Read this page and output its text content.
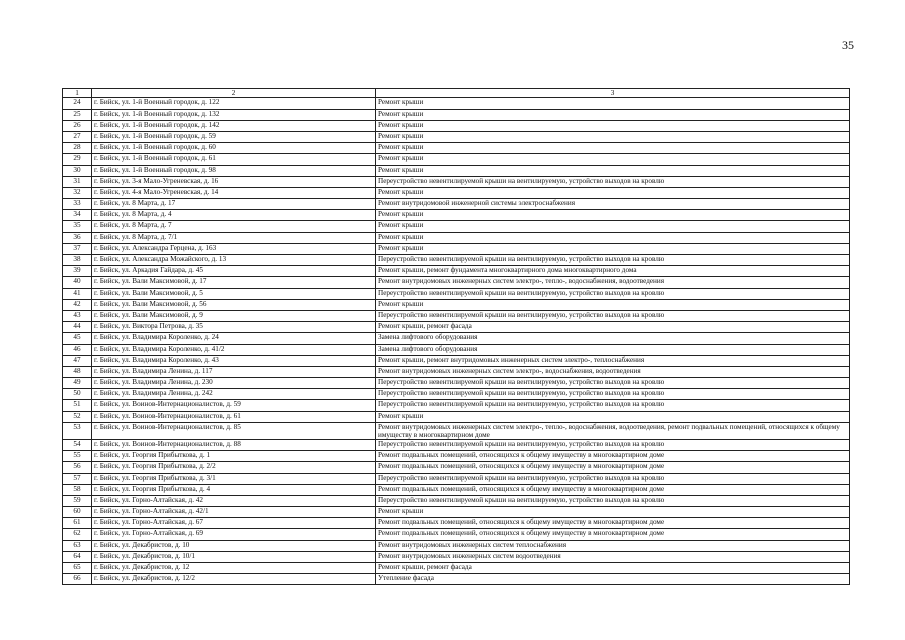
35
1	2	3
24	г. Бийск, ул. 1-й Военный городок, д. 122	Ремонт крыши
25	г. Бийск, ул. 1-й Военный городок, д. 132	Ремонт крыши
26	г. Бийск, ул. 1-й Военный городок, д. 142	Ремонт крыши
27	г. Бийск, ул. 1-й Военный городок, д. 59	Ремонт крыши
28	г. Бийск, ул. 1-й Военный городок, д. 60	Ремонт крыши
29	г. Бийск, ул. 1-й Военный городок, д. 61	Ремонт крыши
30	г. Бийск, ул. 1-й Военный городок, д. 98	Ремонт крыши
31	г. Бийск, ул. 3-я Мало-Угреневская, д. 16	Переустройство невентилируемой крыши на вентилируемую, устройство выходов на кровлю
32	г. Бийск, ул. 4-я Мало-Угреневская, д. 14	Ремонт крыши
33	г. Бийск, ул. 8 Марта, д. 17	Ремонт внутридомовой инженерной системы электроснабжения
34	г. Бийск, ул. 8 Марта, д. 4	Ремонт крыши
35	г. Бийск, ул. 8 Марта, д. 7	Ремонт крыши
36	г. Бийск, ул. 8 Марта, д. 7/1	Ремонт крыши
37	г. Бийск, ул. Александра Герцена, д. 163	Ремонт крыши
38	г. Бийск, ул. Александра Можайского, д. 13	Переустройство невентилируемой крыши на вентилируемую, устройство выходов на кровлю
39	г. Бийск, ул. Аркадия Гайдара, д. 45	Ремонт крыши, ремонт фундамента многоквартирного дома многоквартирного дома
40	г. Бийск, ул. Вали Максимовой, д. 17	Ремонт внутридомовых инженерных систем электро-, тепло-, водоснабжения, водоотведения
41	г. Бийск, ул. Вали Максимовой, д. 5	Переустройство невентилируемой крыши на вентилируемую, устройство выходов на кровлю
42	г. Бийск, ул. Вали Максимовой, д. 56	Ремонт крыши
43	г. Бийск, ул. Вали Максимовой, д. 9	Переустройство невентилируемой крыши на вентилируемую, устройство выходов на кровлю
44	г. Бийск, ул. Виктора Петрова, д. 35	Ремонт крыши, ремонт фасада
45	г. Бийск, ул. Владимира Короленко, д. 24	Замена лифтового оборудования
46	г. Бийск, ул. Владимира Короленко, д. 41/2	Замена лифтового оборудования
47	г. Бийск, ул. Владимира Короленко, д. 43	Ремонт крыши, ремонт внутридомовых инженерных систем электро-, теплоснабжения
48	г. Бийск, ул. Владимира Ленина, д. 117	Ремонт внутридомовых инженерных систем электро-, водоснабжения, водоотведения
49	г. Бийск, ул. Владимира Ленина, д. 230	Переустройство невентилируемой крыши на вентилируемую, устройство выходов на кровлю
50	г. Бийск, ул. Владимира Ленина, д. 242	Переустройство невентилируемой крыши на вентилируемую, устройство выходов на кровлю
51	г. Бийск, ул. Воинов-Интернационалистов, д. 59	Переустройство невентилируемой крыши на вентилируемую, устройство выходов на кровлю
52	г. Бийск, ул. Воинов-Интернационалистов, д. 61	Ремонт крыши
53	г. Бийск, ул. Воинов-Интернационалистов, д. 85	Ремонт внутридомовых инженерных систем электро-, тепло-, водоснабжения, водоотведения, ремонт подвальных помещений, относящихся к общему имуществу в многоквартирном доме
54	г. Бийск, ул. Воинов-Интернационалистов, д. 88	Переустройство невентилируемой крыши на вентилируемую, устройство выходов на кровлю
55	г. Бийск, ул. Георгия Прибыткова, д. 1	Ремонт подвальных помещений, относящихся к общему имуществу в многоквартирном доме
56	г. Бийск, ул. Георгия Прибыткова, д. 2/2	Ремонт подвальных помещений, относящихся к общему имуществу в многоквартирном доме
57	г. Бийск, ул. Георгия Прибыткова, д. 3/1	Переустройство невентилируемой крыши на вентилируемую, устройство выходов на кровлю
58	г. Бийск, ул. Георгия Прибыткова, д. 4	Ремонт подвальных помещений, относящихся к общему имуществу в многоквартирном доме
59	г. Бийск, ул. Горно-Алтайская, д. 42	Переустройство невентилируемой крыши на вентилируемую, устройство выходов на кровлю
60	г. Бийск, ул. Горно-Алтайская, д. 42/1	Ремонт крыши
61	г. Бийск, ул. Горно-Алтайская, д. 67	Ремонт подвальных помещений, относящихся к общему имуществу в многоквартирном доме
62	г. Бийск, ул. Горно-Алтайская, д. 69	Ремонт подвальных помещений, относящихся к общему имуществу в многоквартирном доме
63	г. Бийск, ул. Декабристов, д. 10	Ремонт внутридомовых инженерных систем теплоснабжения
64	г. Бийск, ул. Декабристов, д. 10/1	Ремонт внутридомовых инженерных систем водоотведения
65	г. Бийск, ул. Декабристов, д. 12	Ремонт крыши, ремонт фасада
66	г. Бийск, ул. Декабристов, д. 12/2	Утепление фасада
